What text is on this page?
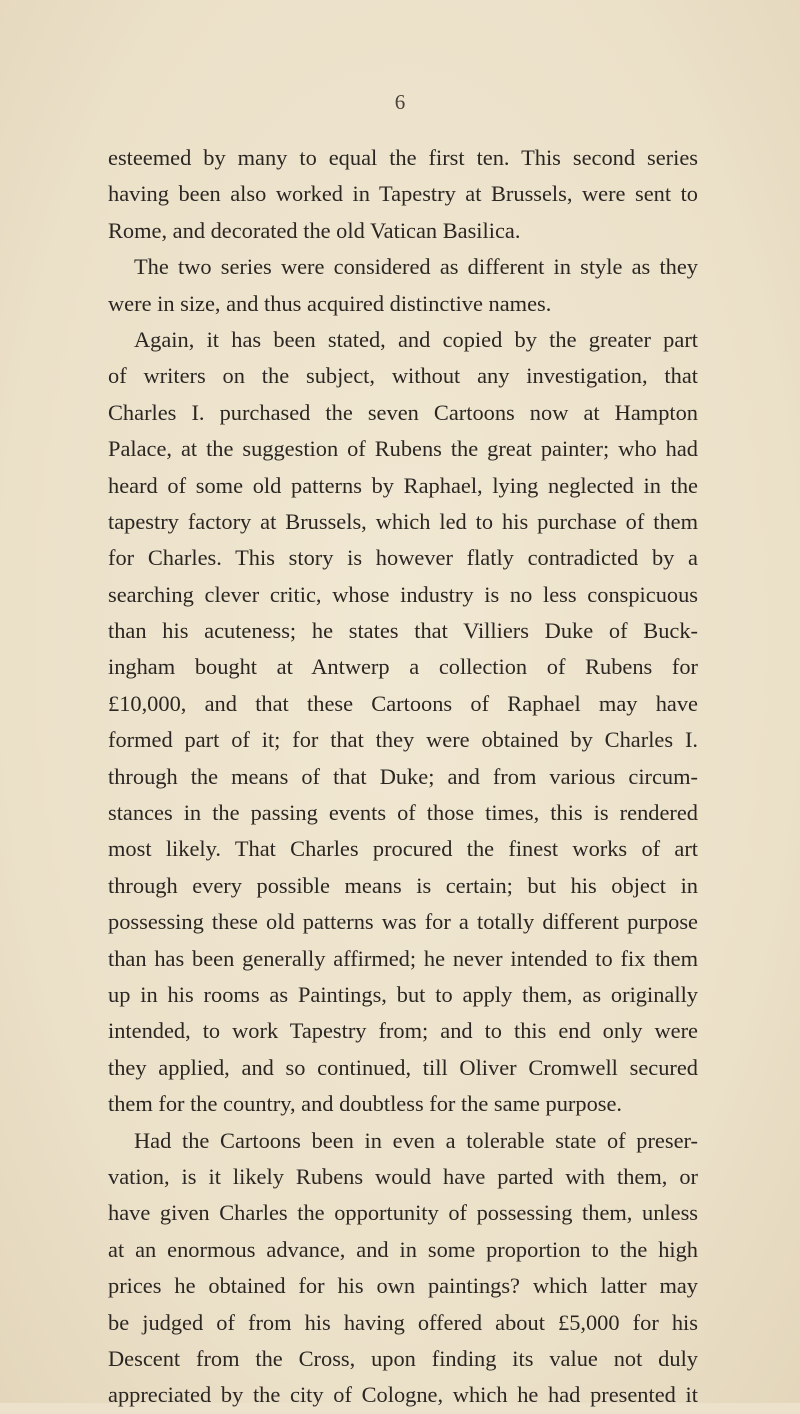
6
esteemed by many to equal the first ten. This second series
having been also worked in Tapestry at Brussels, were sent to
Rome, and decorated the old Vatican Basilica.
The two series were considered as different in style as they
were in size, and thus acquired distinctive names.
Again, it has been stated, and copied by the greater part
of writers on the subject, without any investigation, that
Charles I. purchased the seven Cartoons now at Hampton
Palace, at the suggestion of Rubens the great painter; who had
heard of some old patterns by Raphael, lying neglected in the
tapestry factory at Brussels, which led to his purchase of them
for Charles. This story is however flatly contradicted by a
searching clever critic, whose industry is no less conspicuous
than his acuteness; he states that Villiers Duke of Buck-
ingham bought at Antwerp a collection of Rubens for
£10,000, and that these Cartoons of Raphael may have
formed part of it; for that they were obtained by Charles I.
through the means of that Duke; and from various circum-
stances in the passing events of those times, this is rendered
most likely. That Charles procured the finest works of art
through every possible means is certain; but his object in
possessing these old patterns was for a totally different purpose
than has been generally affirmed; he never intended to fix them
up in his rooms as Paintings, but to apply them, as originally
intended, to work Tapestry from; and to this end only were
they applied, and so continued, till Oliver Cromwell secured
them for the country, and doubtless for the same purpose.
Had the Cartoons been in even a tolerable state of preser-
vation, is it likely Rubens would have parted with them, or
have given Charles the opportunity of possessing them, unless
at an enormous advance, and in some proportion to the high
prices he obtained for his own paintings? which latter may
be judged of from his having offered about £5,000 for his
Descent from the Cross, upon finding its value not duly
appreciated by the city of Cologne, which he had presented it
